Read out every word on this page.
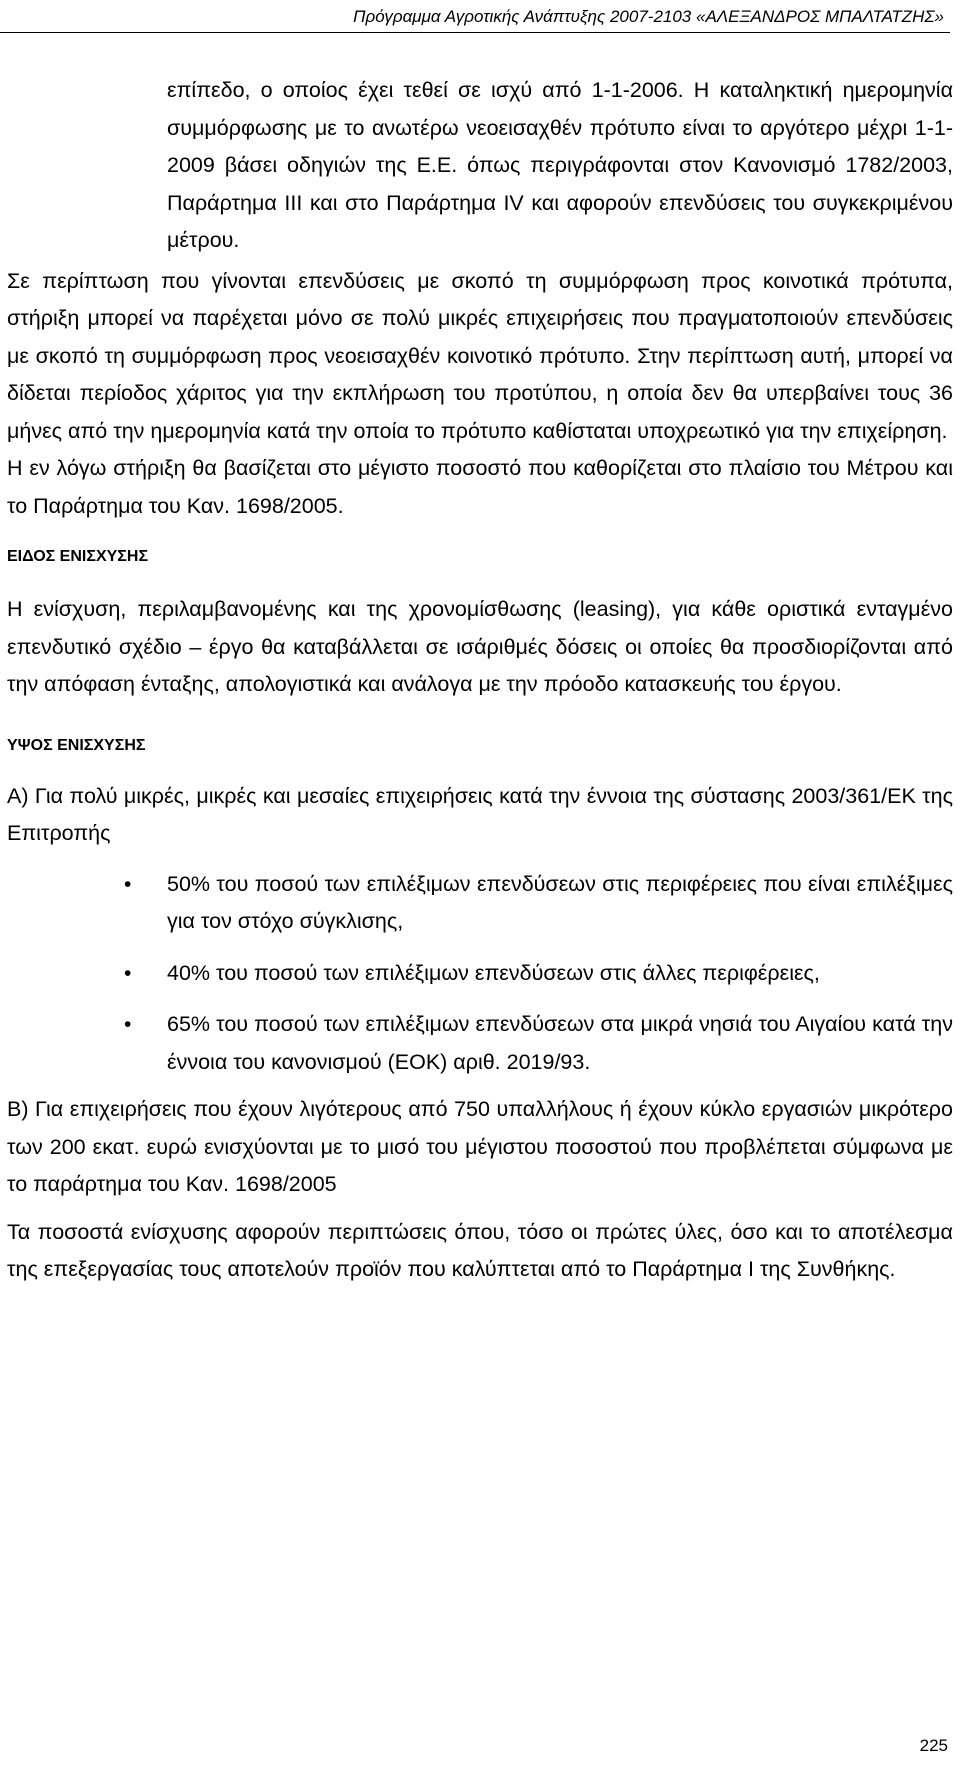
Πρόγραμμα Αγροτικής Ανάπτυξης 2007-2103 «ΑΛΕΞΑΝΔΡΟΣ ΜΠΑΛΤΑΤΖΗΣ»

επίπεδο, ο οποίος έχει τεθεί σε ισχύ από 1-1-2006. Η καταληκτική ημερομηνία συμμόρφωσης με το ανωτέρω νεοεισαχθέν πρότυπο είναι το αργότερο μέχρι 1-1-2009 βάσει οδηγιών της Ε.Ε. όπως περιγράφονται στον Κανονισμό 1782/2003, Παράρτημα III και στο Παράρτημα IV και αφορούν επενδύσεις του συγκεκριμένου μέτρου.

Σε περίπτωση που γίνονται επενδύσεις με σκοπό τη συμμόρφωση προς κοινοτικά πρότυπα, στήριξη μπορεί να παρέχεται μόνο σε πολύ μικρές επιχειρήσεις που πραγματοποιούν επενδύσεις με σκοπό τη συμμόρφωση προς νεοεισαχθέν κοινοτικό πρότυπο. Στην περίπτωση αυτή, μπορεί να δίδεται περίοδος χάριτος για την εκπλήρωση του προτύπου, η οποία δεν θα υπερβαίνει τους 36 μήνες από την ημερομηνία κατά την οποία το πρότυπο καθίσταται υποχρεωτικό για την επιχείρηση.

Η εν λόγω στήριξη θα βασίζεται στο μέγιστο ποσοστό που καθορίζεται στο πλαίσιο του Μέτρου και το Παράρτημα του Καν. 1698/2005.

ΕΙΔΟΣ ΕΝΙΣΧΥΣΗΣ

Η ενίσχυση, περιλαμβανομένης και της χρονομίσθωσης (leasing), για κάθε οριστικά ενταγμένο επενδυτικό σχέδιο – έργο θα καταβάλλεται σε ισάριθμές δόσεις οι οποίες θα προσδιορίζονται από την απόφαση ένταξης, απολογιστικά και ανάλογα με την πρόοδο κατασκευής του έργου.

ΥΨΟΣ ΕΝΙΣΧΥΣΗΣ

Α) Για πολύ μικρές, μικρές και μεσαίες επιχειρήσεις κατά την έννοια της σύστασης 2003/361/ΕΚ της Επιτροπής

• 50% του ποσού των επιλέξιμων επενδύσεων στις περιφέρειες που είναι επιλέξιμες για τον στόχο σύγκλισης,
• 40% του ποσού των επιλέξιμων επενδύσεων στις άλλες περιφέρειες,
• 65% του ποσού των επιλέξιμων επενδύσεων στα μικρά νησιά του Αιγαίου κατά την έννοια του κανονισμού (ΕΟΚ) αριθ. 2019/93.

Β) Για επιχειρήσεις που έχουν λιγότερους από 750 υπαλλήλους ή έχουν κύκλο εργασιών μικρότερο των 200 εκατ. ευρώ ενισχύονται με το μισό του μέγιστου ποσοστού που προβλέπεται σύμφωνα με το παράρτημα του Καν. 1698/2005

Τα ποσοστά ενίσχυσης αφορούν περιπτώσεις όπου, τόσο οι πρώτες ύλες, όσο και το αποτέλεσμα της επεξεργασίας τους αποτελούν προϊόν που καλύπτεται από το Παράρτημα Ι της Συνθήκης.

225
